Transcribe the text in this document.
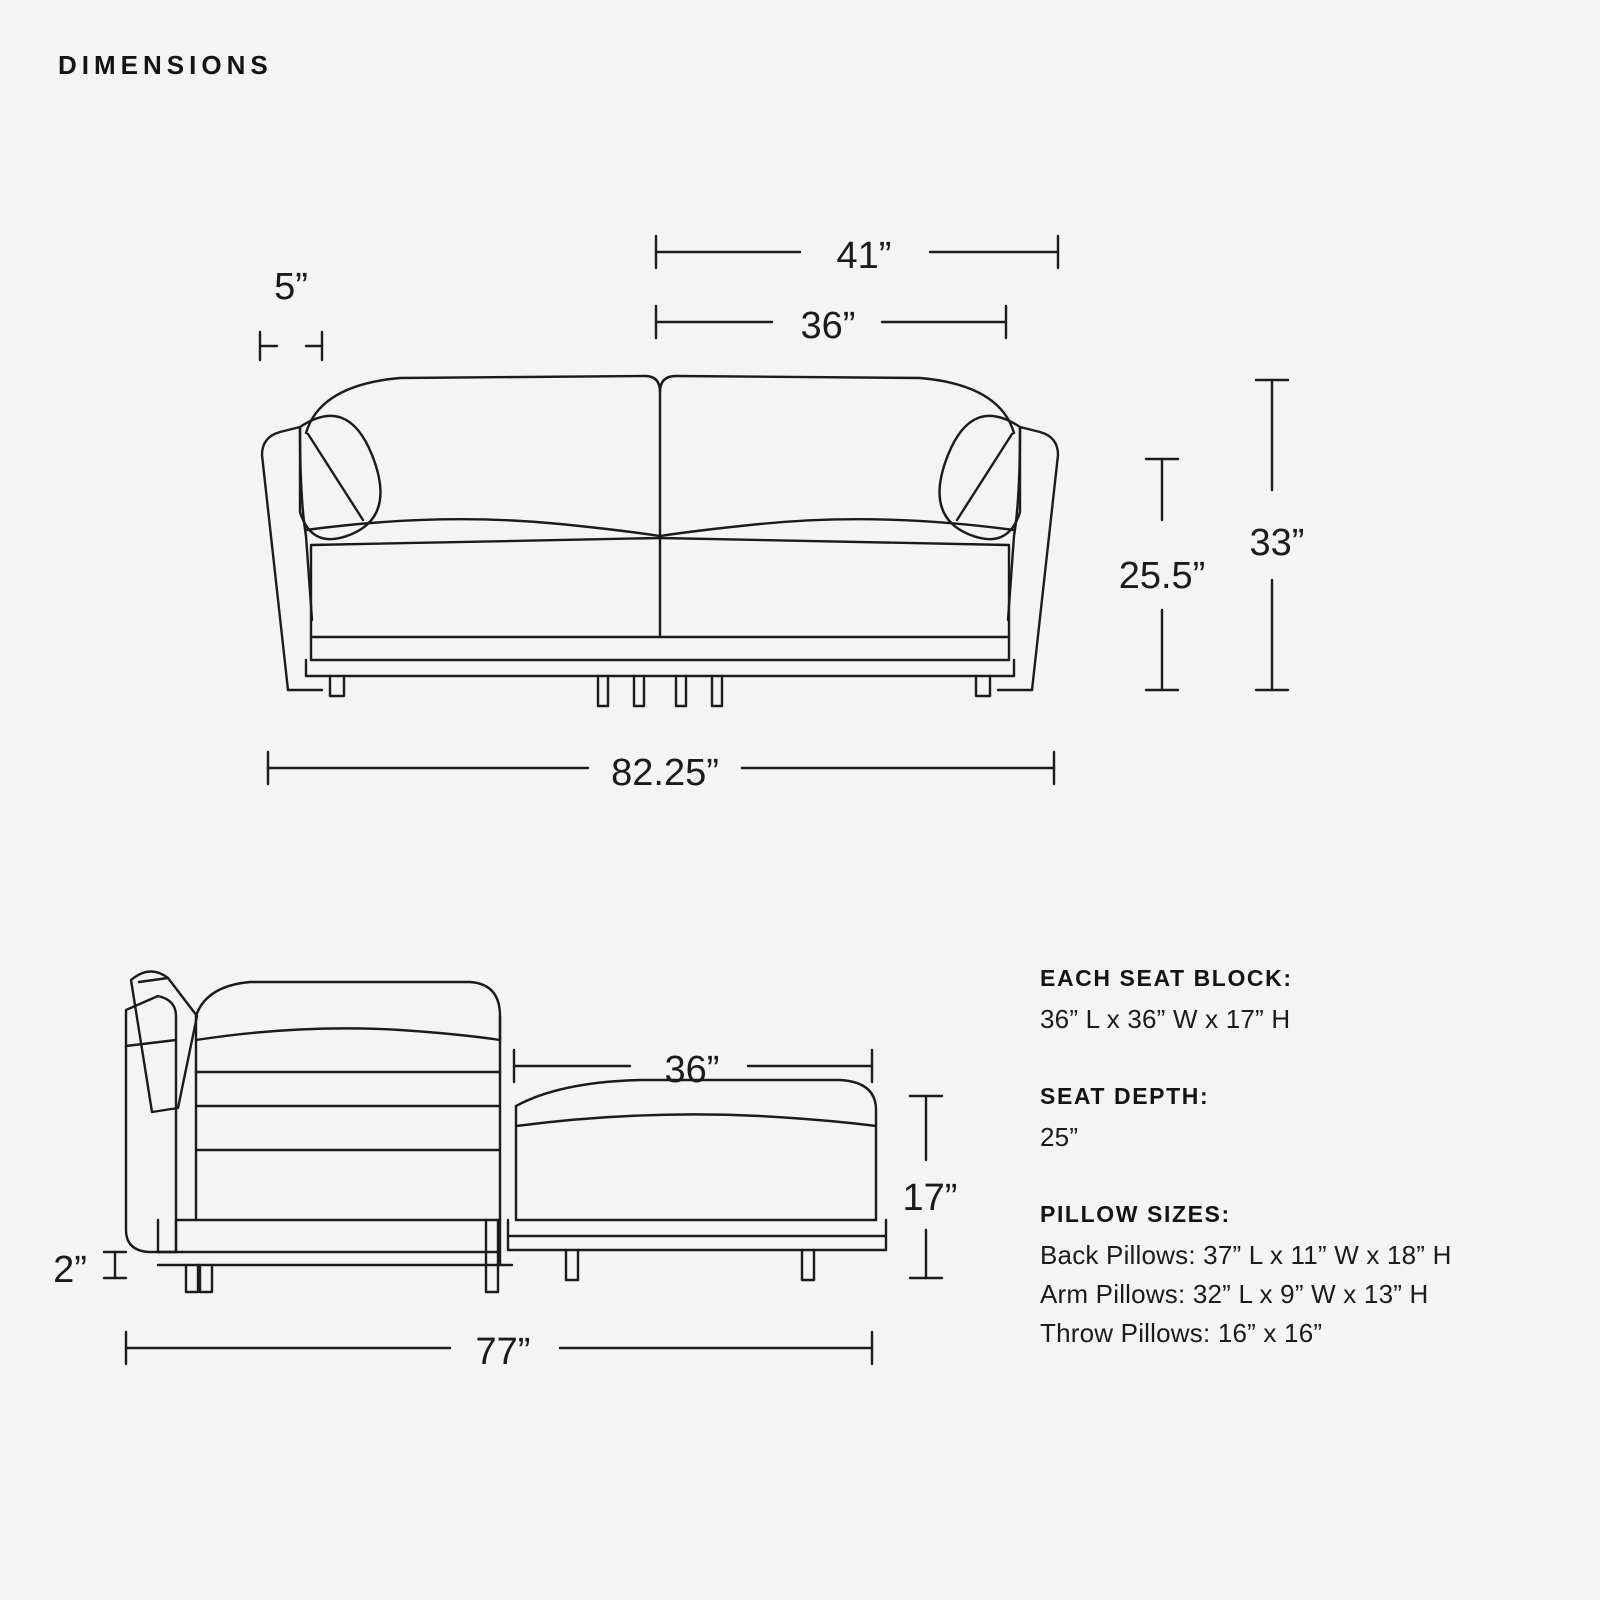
DIMENSIONS
5”
41”
36”
25.5”
33”
82.25”
2”
36”
17”
77”
EACH SEAT BLOCK:
36” L x 36” W x 17” H
SEAT DEPTH:
25”
PILLOW SIZES:
Back Pillows: 37” L x 11” W x 18” H
Arm Pillows: 32” L x 9” W x 13” H
Throw Pillows: 16” x 16”
